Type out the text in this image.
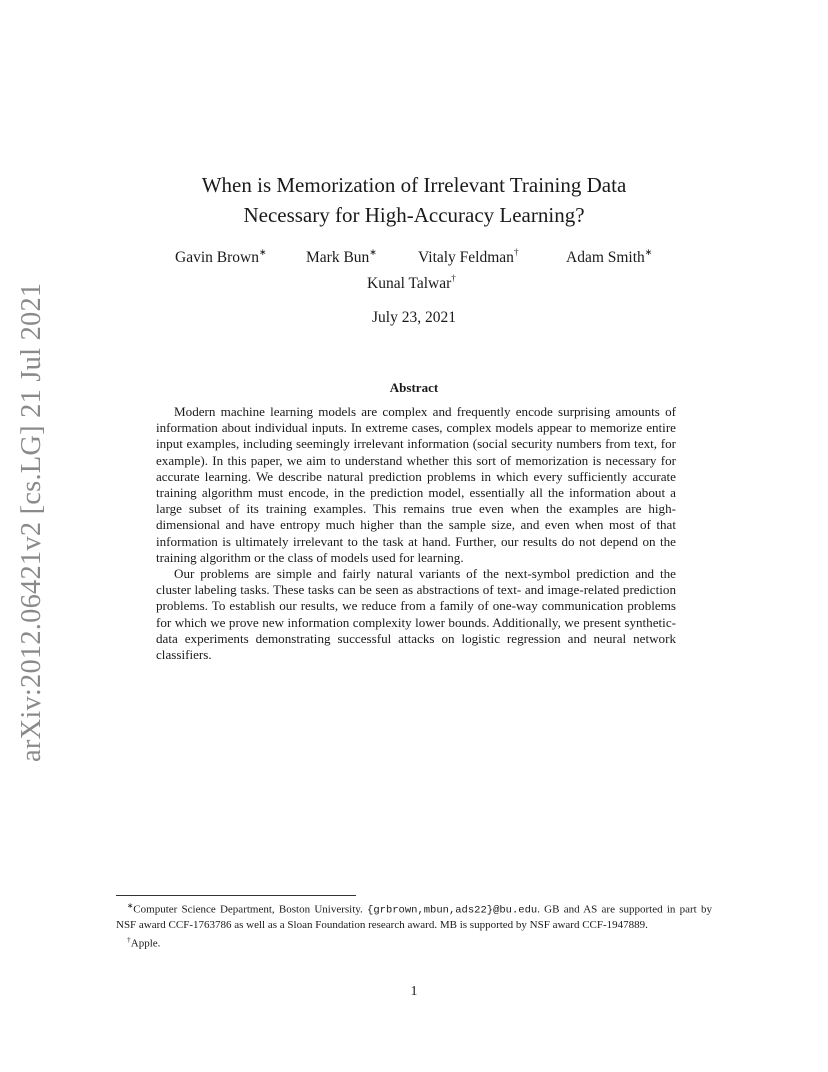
arXiv:2012.06421v2 [cs.LG] 21 Jul 2021
When is Memorization of Irrelevant Training Data
Necessary for High-Accuracy Learning?
Gavin Brown∗	Mark Bun∗	Vitaly Feldman†	Adam Smith∗
Kunal Talwar†
July 23, 2021
Abstract

Modern machine learning models are complex and frequently encode surprising amounts of information about individual inputs. In extreme cases, complex models appear to memorize entire input examples, including seemingly irrelevant information (social security numbers from text, for example). In this paper, we aim to understand whether this sort of memorization is necessary for accurate learning. We describe natural prediction problems in which every sufficiently accurate training algorithm must encode, in the prediction model, essentially all the information about a large subset of its training examples. This remains true even when the examples are high-dimensional and have entropy much higher than the sample size, and even when most of that information is ultimately irrelevant to the task at hand. Further, our results do not depend on the training algorithm or the class of models used for learning.

Our problems are simple and fairly natural variants of the next-symbol prediction and the cluster labeling tasks. These tasks can be seen as abstractions of text- and image-related prediction problems. To establish our results, we reduce from a family of one-way communication problems for which we prove new information complexity lower bounds. Additionally, we present synthetic-data experiments demonstrating successful attacks on logistic regression and neural network classifiers.

∗Computer Science Department, Boston University. {grbrown,mbun,ads22}@bu.edu. GB and AS are supported in part by NSF award CCF-1763786 as well as a Sloan Foundation research award. MB is supported by NSF award CCF-1947889.

†Apple.

1
